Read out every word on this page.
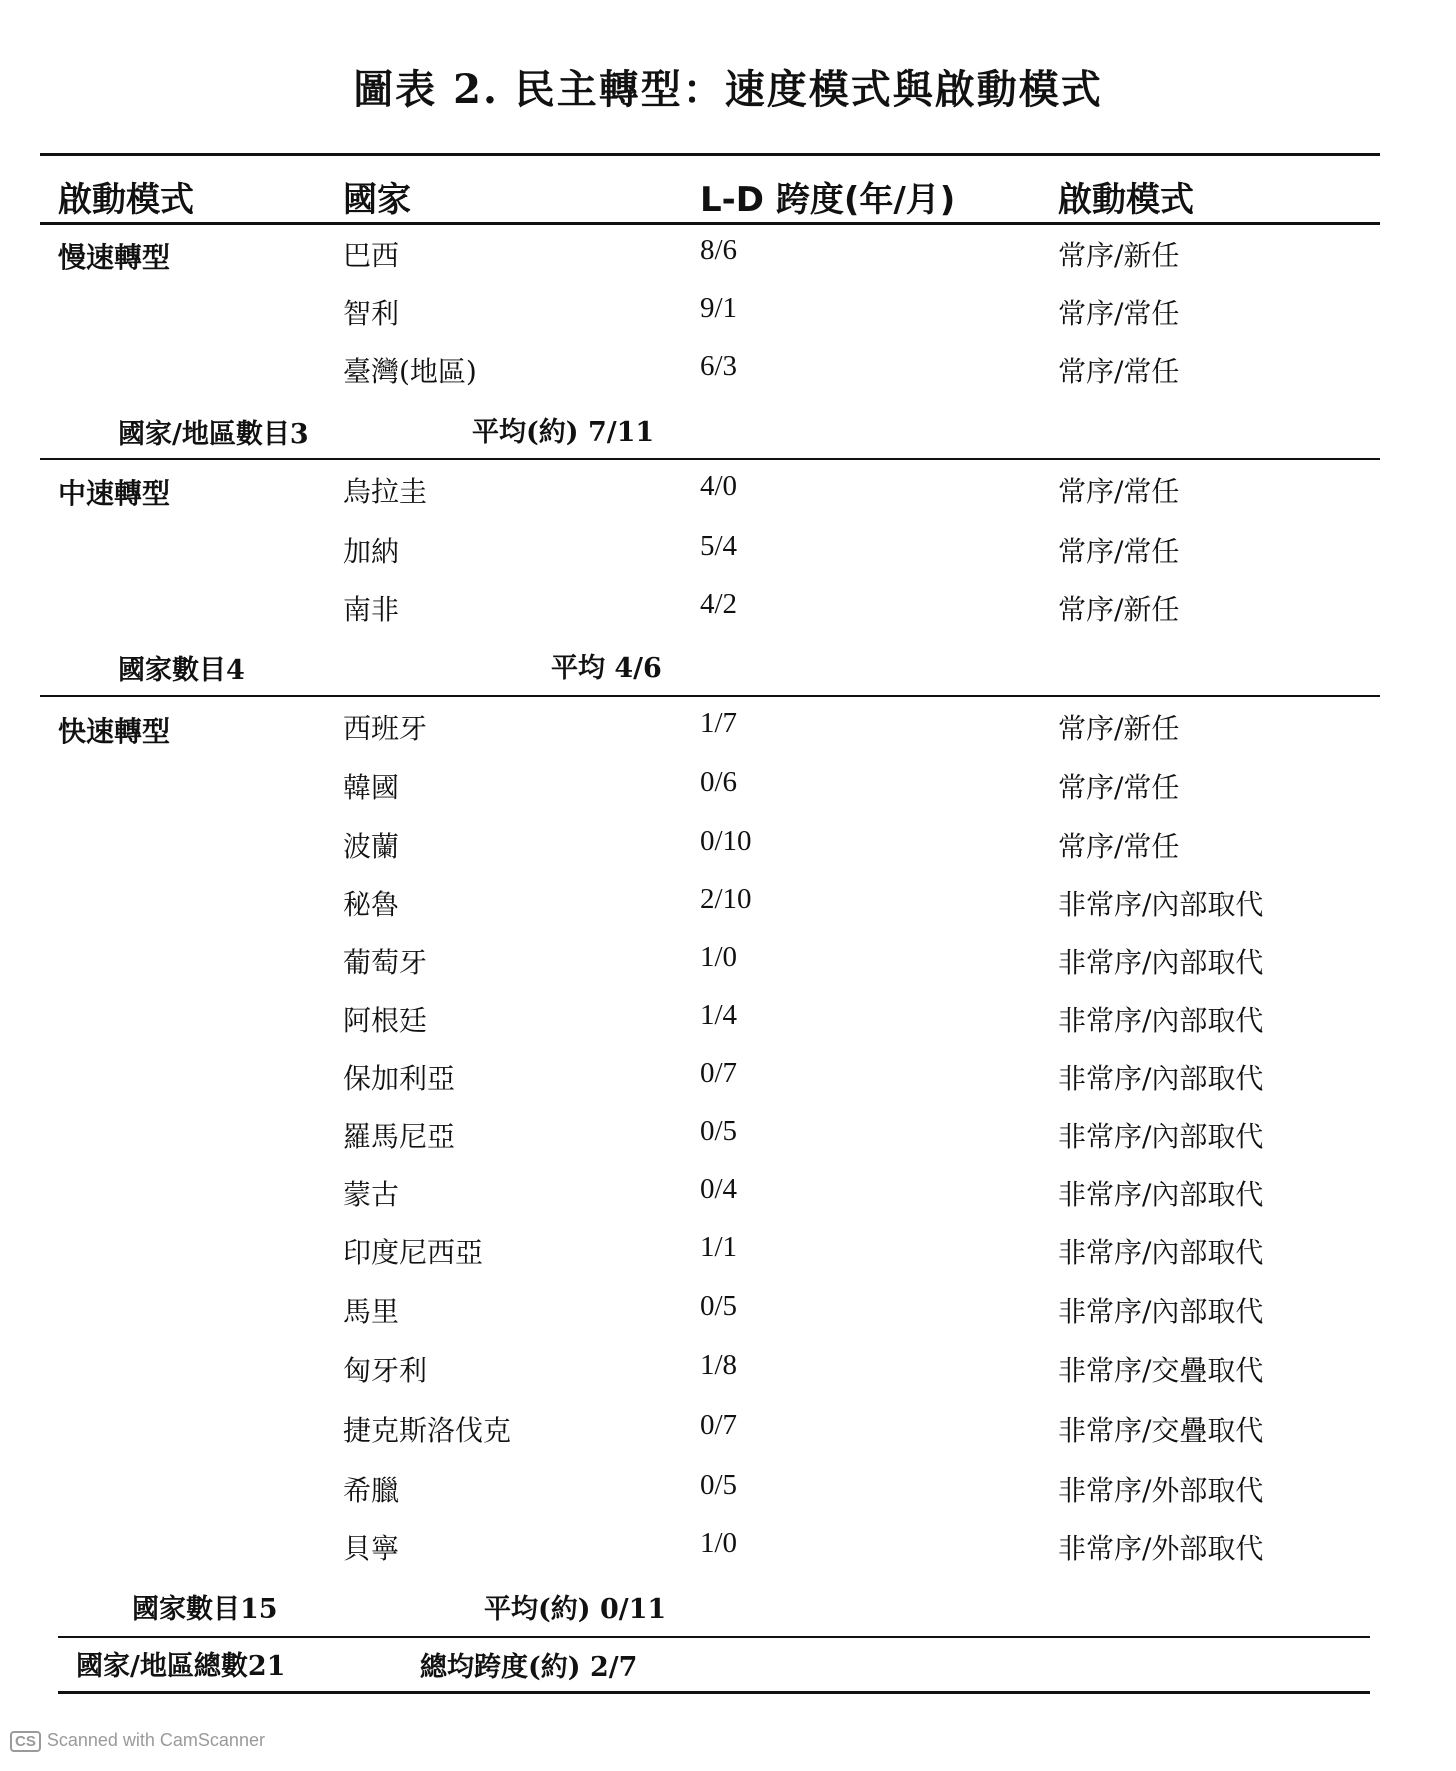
圖表 2. 民主轉型：速度模式與啟動模式
啟動模式	國家	L-D 跨度(年/月)	啟動模式
慢速轉型	巴西	8/6	常序/新任
智利	9/1	常序/常任
臺灣(地區)	6/3	常序/常任
國家/地區數目3	平均(約) 7/11
中速轉型	烏拉圭	4/0	常序/常任
加納	5/4	常序/常任
南非	4/2	常序/新任
國家數目4	平均 4/6
快速轉型	西班牙	1/7	常序/新任
韓國	0/6	常序/常任
波蘭	0/10	常序/常任
秘魯	2/10	非常序/內部取代
葡萄牙	1/0	非常序/內部取代
阿根廷	1/4	非常序/內部取代
保加利亞	0/7	非常序/內部取代
羅馬尼亞	0/5	非常序/內部取代
蒙古	0/4	非常序/內部取代
印度尼西亞	1/1	非常序/內部取代
馬里	0/5	非常序/內部取代
匈牙利	1/8	非常序/交疊取代
捷克斯洛伐克	0/7	非常序/交疊取代
希臘	0/5	非常序/外部取代
貝寧	1/0	非常序/外部取代
國家數目15	平均(約) 0/11
國家/地區總數21	總均跨度(約) 2/7
CS Scanned with CamScanner
